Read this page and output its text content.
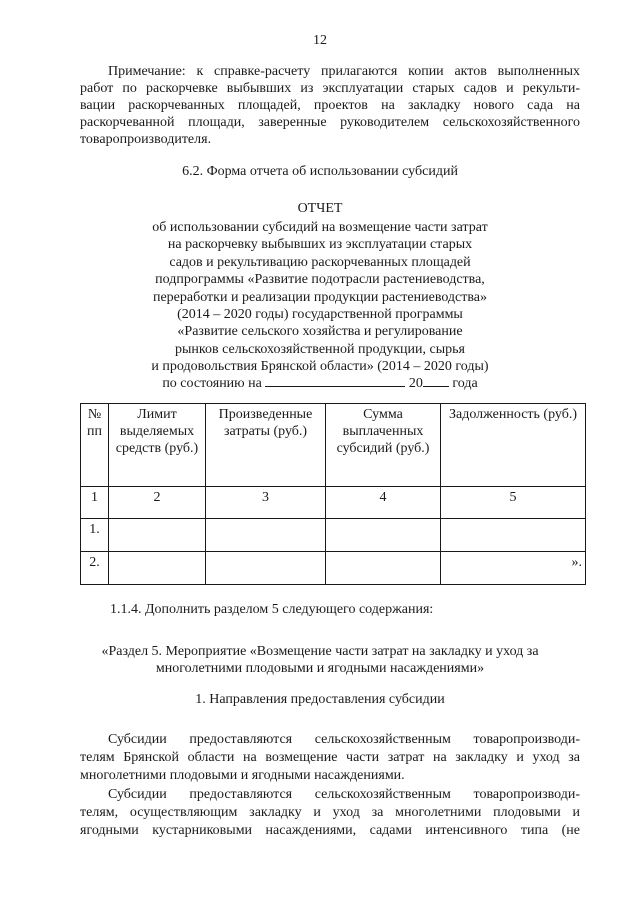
12
Примечание: к справке-расчету прилагаются копии актов выполненных
работ по раскорчевке выбывших из эксплуатации старых садов и рекульти-
вации раскорчеванных площадей, проектов на закладку нового сада на
раскорчеванной площади, заверенные руководителем сельскохозяйственного
товаропроизводителя.
6.2. Форма отчета об использовании субсидий
ОТЧЕТ
об использовании субсидий на возмещение части затрат
на раскорчевку выбывших из эксплуатации старых
садов и рекультивацию раскорчеванных площадей
подпрограммы «Развитие подотрасли растениеводства,
переработки и реализации продукции растениеводства»
(2014 – 2020 годы) государственной программы
«Развитие сельского хозяйства и регулирование
рынков сельскохозяйственной продукции, сырья
и продовольствия Брянской области» (2014 – 2020 годы)
по состоянию на	20 года
№ пп	Лимит выделяемых средств (руб.)	Произведенные затраты (руб.)	Сумма выплаченных субсидий (руб.)	Задолженность (руб.)
1	2	3	4	5
1.				
2.				».
1.1.4. Дополнить разделом 5 следующего содержания:
«Раздел 5. Мероприятие «Возмещение части затрат на закладку и уход за
многолетними плодовыми и ягодными насаждениями»
1. Направления предоставления субсидии
Субсидии предоставляются сельскохозяйственным товаропроизводи-
телям Брянской области на возмещение части затрат на закладку и уход за
многолетними плодовыми и ягодными насаждениями.
Субсидии предоставляются сельскохозяйственным товаропроизводи-
телям, осуществляющим закладку и уход за многолетними плодовыми и
ягодными кустарниковыми насаждениями, садами интенсивного типа (не
